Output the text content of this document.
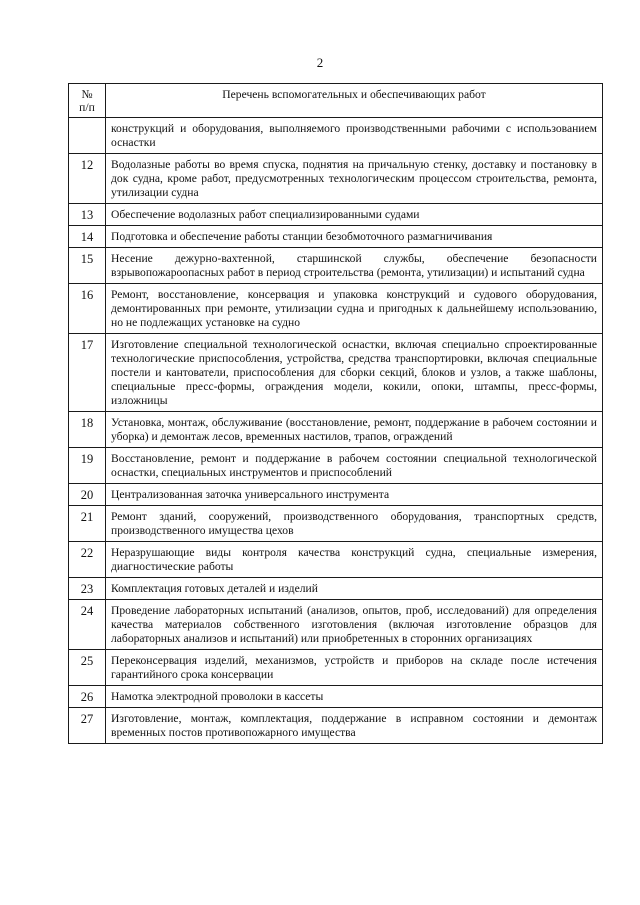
2
№
п/п	Перечень вспомогательных и обеспечивающих работ
	конструкций и оборудования, выполняемого производственными рабочими с использованием оснастки
12	Водолазные работы во время спуска, поднятия на причальную стенку, доставку и постановку в док судна, кроме работ, предусмотренных технологическим процессом строительства, ремонта, утилизации судна
13	Обеспечение водолазных работ специализированными судами
14	Подготовка и обеспечение работы станции безобмоточного размагничивания
15	Несение дежурно-вахтенной, старшинской службы, обеспечение безопасности взрывопожароопасных работ в период строительства (ремонта, утилизации) и испытаний судна
16	Ремонт, восстановление, консервация и упаковка конструкций и судового оборудования, демонтированных при ремонте, утилизации судна и пригодных к дальнейшему использованию, но не подлежащих установке на судно
17	Изготовление специальной технологической оснастки, включая специально спроектированные технологические приспособления, устройства, средства транспортировки, включая специальные постели и кантователи, приспособления для сборки секций, блоков и узлов, а также шаблоны, специальные пресс-формы, ограждения модели, кокили, опоки, штампы, пресс-формы, изложницы
18	Установка, монтаж, обслуживание (восстановление, ремонт, поддержание в рабочем состоянии и уборка) и демонтаж лесов, временных настилов, трапов, ограждений
19	Восстановление, ремонт и поддержание в рабочем состоянии специальной технологической оснастки, специальных инструментов и приспособлений
20	Централизованная заточка универсального инструмента
21	Ремонт зданий, сооружений, производственного оборудования, транспортных средств, производственного имущества цехов
22	Неразрушающие виды контроля качества конструкций судна, специальные измерения, диагностические работы
23	Комплектация готовых деталей и изделий
24	Проведение лабораторных испытаний (анализов, опытов, проб, исследований) для определения качества материалов собственного изготовления (включая изготовление образцов для лабораторных анализов и испытаний) или приобретенных в сторонних организациях
25	Переконсервация изделий, механизмов, устройств и приборов на складе после истечения гарантийного срока консервации
26	Намотка электродной проволоки в кассеты
27	Изготовление, монтаж, комплектация, поддержание в исправном состоянии и демонтаж временных постов противопожарного имущества
